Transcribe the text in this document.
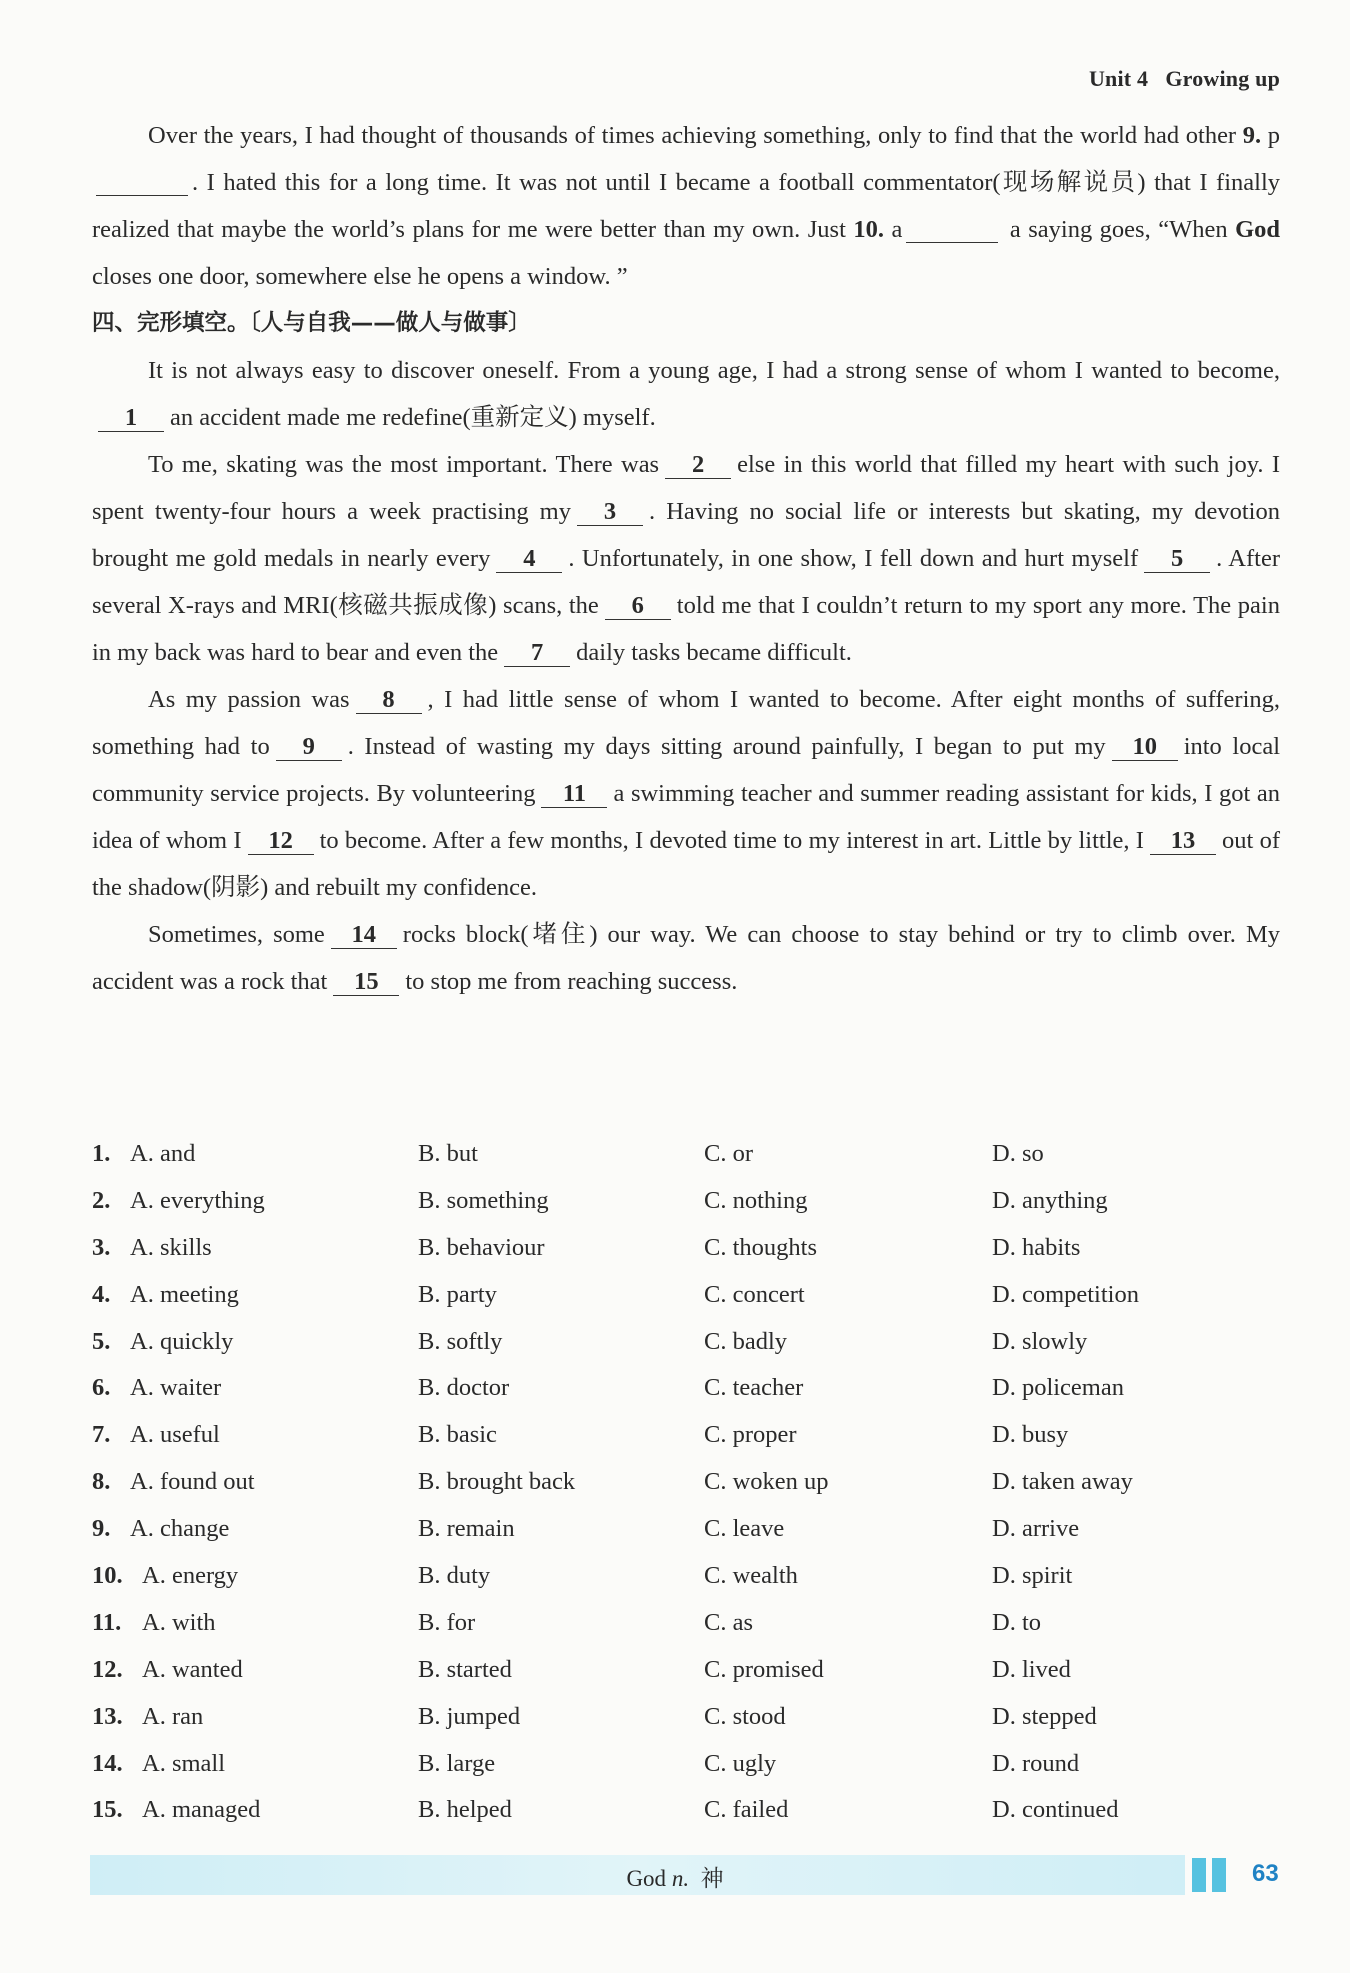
Unit 4 Growing up

Over the years, I had thought of thousands of times achieving something, only to find that the world had other 9. p . I hated this for a long time. It was not until I became a football commentator(现场解说员) that I finally realized that maybe the world’s plans for me were better than my own. Just 10. a	a saying goes, “When God closes one door, somewhere else he opens a window. ”

四、完形填空。〔人与自我——做人与做事〕

It is not always easy to discover oneself. From a young age, I had a strong sense of whom I wanted to become,1 an accident made me redefine(重新定义) myself.

To me, skating was the most important. There was 2 else in this world that filled my heart with such joy. I spent twenty-four hours a week practising my 3 . Having no social life or interests but skating, my devotion brought me gold medals in nearly every 4 . Unfortunately, in one show, I fell down and hurt myself 5 . After several X-rays and MRI(核磁共振成像) scans, the 6 told me that I couldn’t return to my sport any more. The pain in my back was hard to bear and even the 7 daily tasks became difficult.

As my passion was 8 , I had little sense of whom I wanted to become. After eight months of suffering, something had to 9 . Instead of wasting my days sitting around painfully, I began to put my 10 into local community service projects. By volunteering 11 a swimming teacher and summer reading assistant for kids, I got an idea of whom I 12 to become. After a few months, I devoted time to my interest in art. Little by little, I 13 out of the shadow(阴影) and rebuilt my confidence.

Sometimes, some 14 rocks block(堵住) our way. We can choose to stay behind or try to climb over. My accident was a rock that 15 to stop me from reaching success.

1. A. and	B. but	C. or	D. so
2. A. everything	B. something	C. nothing	D. anything
3. A. skills	B. behaviour	C. thoughts	D. habits
4. A. meeting	B. party	C. concert	D. competition
5. A. quickly	B. softly	C. badly	D. slowly
6. A. waiter	B. doctor	C. teacher	D. policeman
7. A. useful	B. basic	C. proper	D. busy
8. A. found out	B. brought back	C. woken up	D. taken away
9. A. change	B. remain	C. leave	D. arrive
10. A. energy	B. duty	C. wealth	D. spirit
11. A. with	B. for	C. as	D. to
12. A. wanted	B. started	C. promised	D. lived
13. A. ran	B. jumped	C. stood	D. stepped
14. A. small	B. large	C. ugly	D. round
15. A. managed	B. helped	C. failed	D. continued
God n. 神	63
